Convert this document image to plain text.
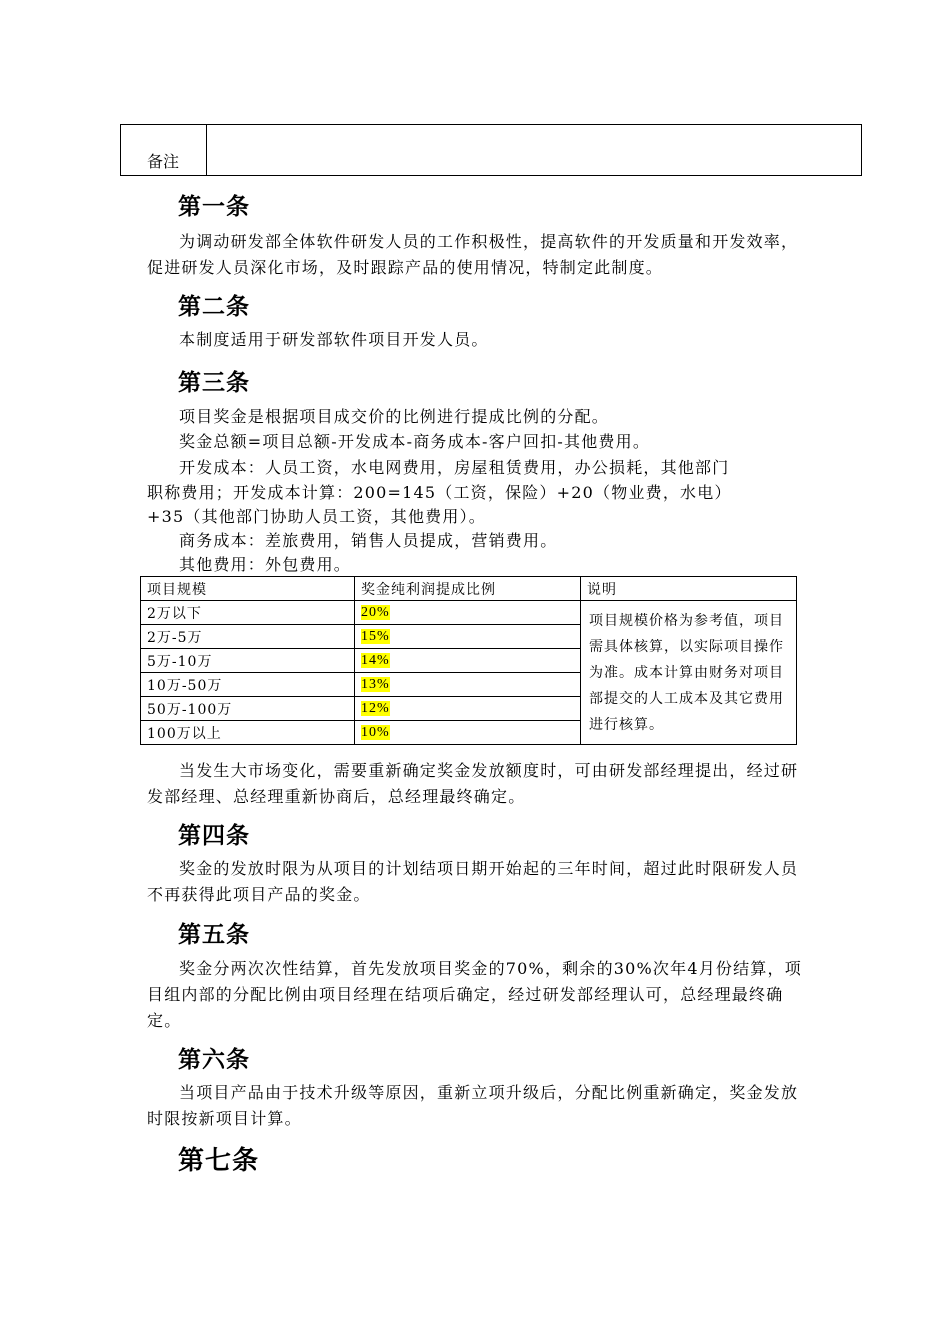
备注
第一条

为调动研发部全体软件研发人员的工作积极性，提高软件的开发质量和开发效率，促进研发人员深化市场，及时跟踪产品的使用情况，特制定此制度。

第二条

本制度适用于研发部软件项目开发人员。

第三条
项目奖金是根据项目成交价的比例进行提成比例的分配。
奖金总额=项目总额-开发成本-商务成本-客户回扣-其他费用。
开发成本：人员工资，水电网费用，房屋租赁费用，办公损耗，其他部门
职称费用；开发成本计算：200=145（工资，保险）+20（物业费，水电）
+35（其他部门协助人员工资，其他费用）。
商务成本：差旅费用，销售人员提成，营销费用。
其他费用：外包费用。
项目规模	奖金纯利润提成比例	说明
2万以下	20%	项目规模价格为参考值，项目需具体核算，以实际项目操作为准。成本计算由财务对项目部提交的人工成本及其它费用进行核算。
2万-5万	15%	
5万-10万	14%	
10万-50万	13%	
50万-100万	12%	
100万以上	10%	

当发生大市场变化，需要重新确定奖金发放额度时，可由研发部经理提出，经过研发部经理、总经理重新协商后，总经理最终确定。

第四条

奖金的发放时限为从项目的计划结项日期开始起的三年时间，超过此时限研发人员不再获得此项目产品的奖金。

第五条

奖金分两次次性结算，首先发放项目奖金的70%，剩余的30%次年4月份结算，项目组内部的分配比例由项目经理在结项后确定，经过研发部经理认可，总经理最终确定。

第六条

当项目产品由于技术升级等原因，重新立项升级后，分配比例重新确定，奖金发放时限按新项目计算。

第七条
